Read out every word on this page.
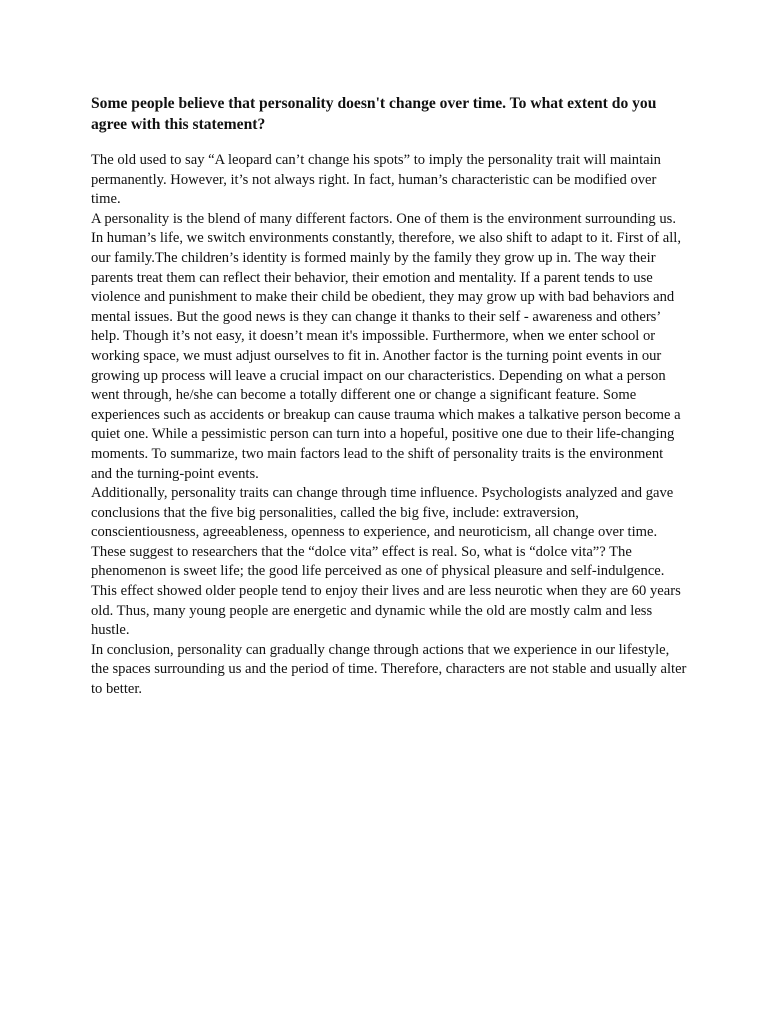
Some people believe that personality doesn't change over time. To what extent do you agree with this statement?

The old used to say “A leopard can’t change his spots” to imply the personality trait will maintain permanently. However, it’s not always right. In fact, human’s characteristic can be modified over time.

A personality is the blend of many different factors. One of them is the environment surrounding us. In human’s life, we switch environments constantly, therefore, we also shift to adapt to it. First of all, our family.The children’s identity is formed mainly by the family they grow up in. The way their parents treat them can reflect their behavior, their emotion and mentality. If a parent tends to use violence and punishment to make their child be obedient, they may grow up with bad behaviors and mental issues. But the good news is they can change it thanks to their self - awareness and others’ help. Though it’s not easy, it doesn’t mean it's impossible. Furthermore, when we enter school or working space, we must adjust ourselves to fit in. Another factor is the turning point events in our growing up process will leave a crucial impact on our characteristics. Depending on what a person went through, he/she can become a totally different one or change a significant feature. Some experiences such as accidents or breakup can cause trauma which makes a talkative person become a quiet one. While a pessimistic person can turn into a hopeful, positive one due to their life-changing moments. To summarize, two main factors lead to the shift of personality traits is the environment and the turning-point events.

Additionally, personality traits can change through time influence. Psychologists analyzed and gave conclusions that the five big personalities, called the big five, include: extraversion, conscientiousness, agreeableness, openness to experience, and neuroticism, all change over time. These suggest to researchers that the “dolce vita” effect is real. So, what is “dolce vita”? The phenomenon is sweet life; the good life perceived as one of physical pleasure and self-indulgence. This effect showed older people tend to enjoy their lives and are less neurotic when they are 60 years old. Thus, many young people are energetic and dynamic while the old are mostly calm and less hustle.

In conclusion, personality can gradually change through actions that we experience in our lifestyle, the spaces surrounding us and the period of time. Therefore, characters are not stable and usually alter to better.
